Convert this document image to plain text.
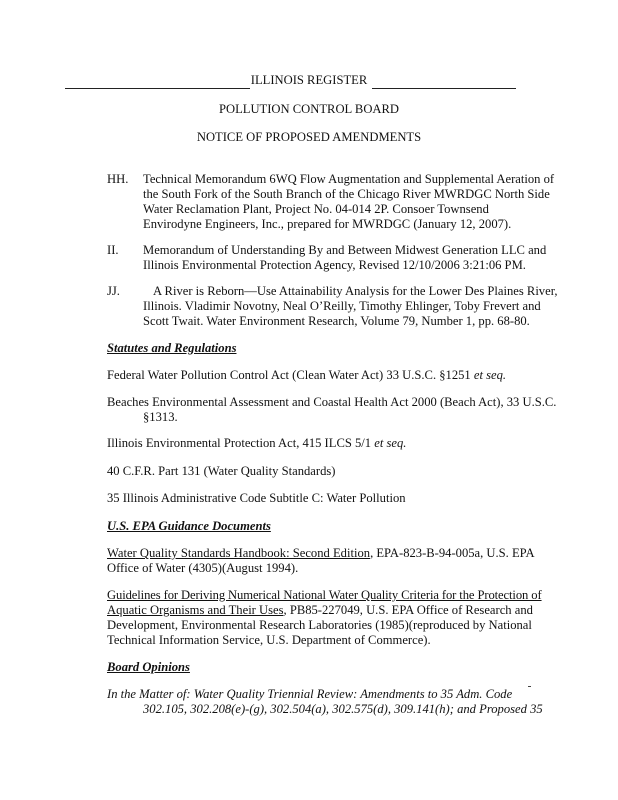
ILLINOIS REGISTER
POLLUTION CONTROL BOARD
NOTICE OF PROPOSED AMENDMENTS
HH. Technical Memorandum 6WQ Flow Augmentation and Supplemental Aeration of
the South Fork of the South Branch of the Chicago River MWRDGC North Side
Water Reclamation Plant, Project No. 04-014 2P. Consoer Townsend
Envirodyne Engineers, Inc., prepared for MWRDGC (January 12, 2007).
II. Memorandum of Understanding By and Between Midwest Generation LLC and
Illinois Environmental Protection Agency, Revised 12/10/2006 3:21:06 PM.
JJ.	A River is Reborn—Use Attainability Analysis for the Lower Des Plaines River,
Illinois. Vladimir Novotny, Neal O’Reilly, Timothy Ehlinger, Toby Frevert and
Scott Twait. Water Environment Research, Volume 79, Number 1, pp. 68-80.
Statutes and Regulations
Federal Water Pollution Control Act (Clean Water Act) 33 U.S.C. §1251 et seq.
Beaches Environmental Assessment and Coastal Health Act 2000 (Beach Act), 33 U.S.C.
§1313.
Illinois Environmental Protection Act, 415 ILCS 5/1 et seq.
40 C.F.R. Part 131 (Water Quality Standards)
35 Illinois Administrative Code Subtitle C: Water Pollution
U.S. EPA Guidance Documents
Water Quality Standards Handbook: Second Edition, EPA-823-B-94-005a, U.S. EPA
Office of Water (4305)(August 1994).
Guidelines for Deriving Numerical National Water Quality Criteria for the Protection of
Aquatic Organisms and Their Uses, PB85-227049, U.S. EPA Office of Research and
Development, Environmental Research Laboratories (1985)(reproduced by National
Technical Information Service, U.S. Department of Commerce).
Board Opinions
In the Matter of: Water Quality Triennial Review: Amendments to 35 Adm. Code
302.105, 302.208(e)-(g), 302.504(a), 302.575(d), 309.141(h); and Proposed 35
